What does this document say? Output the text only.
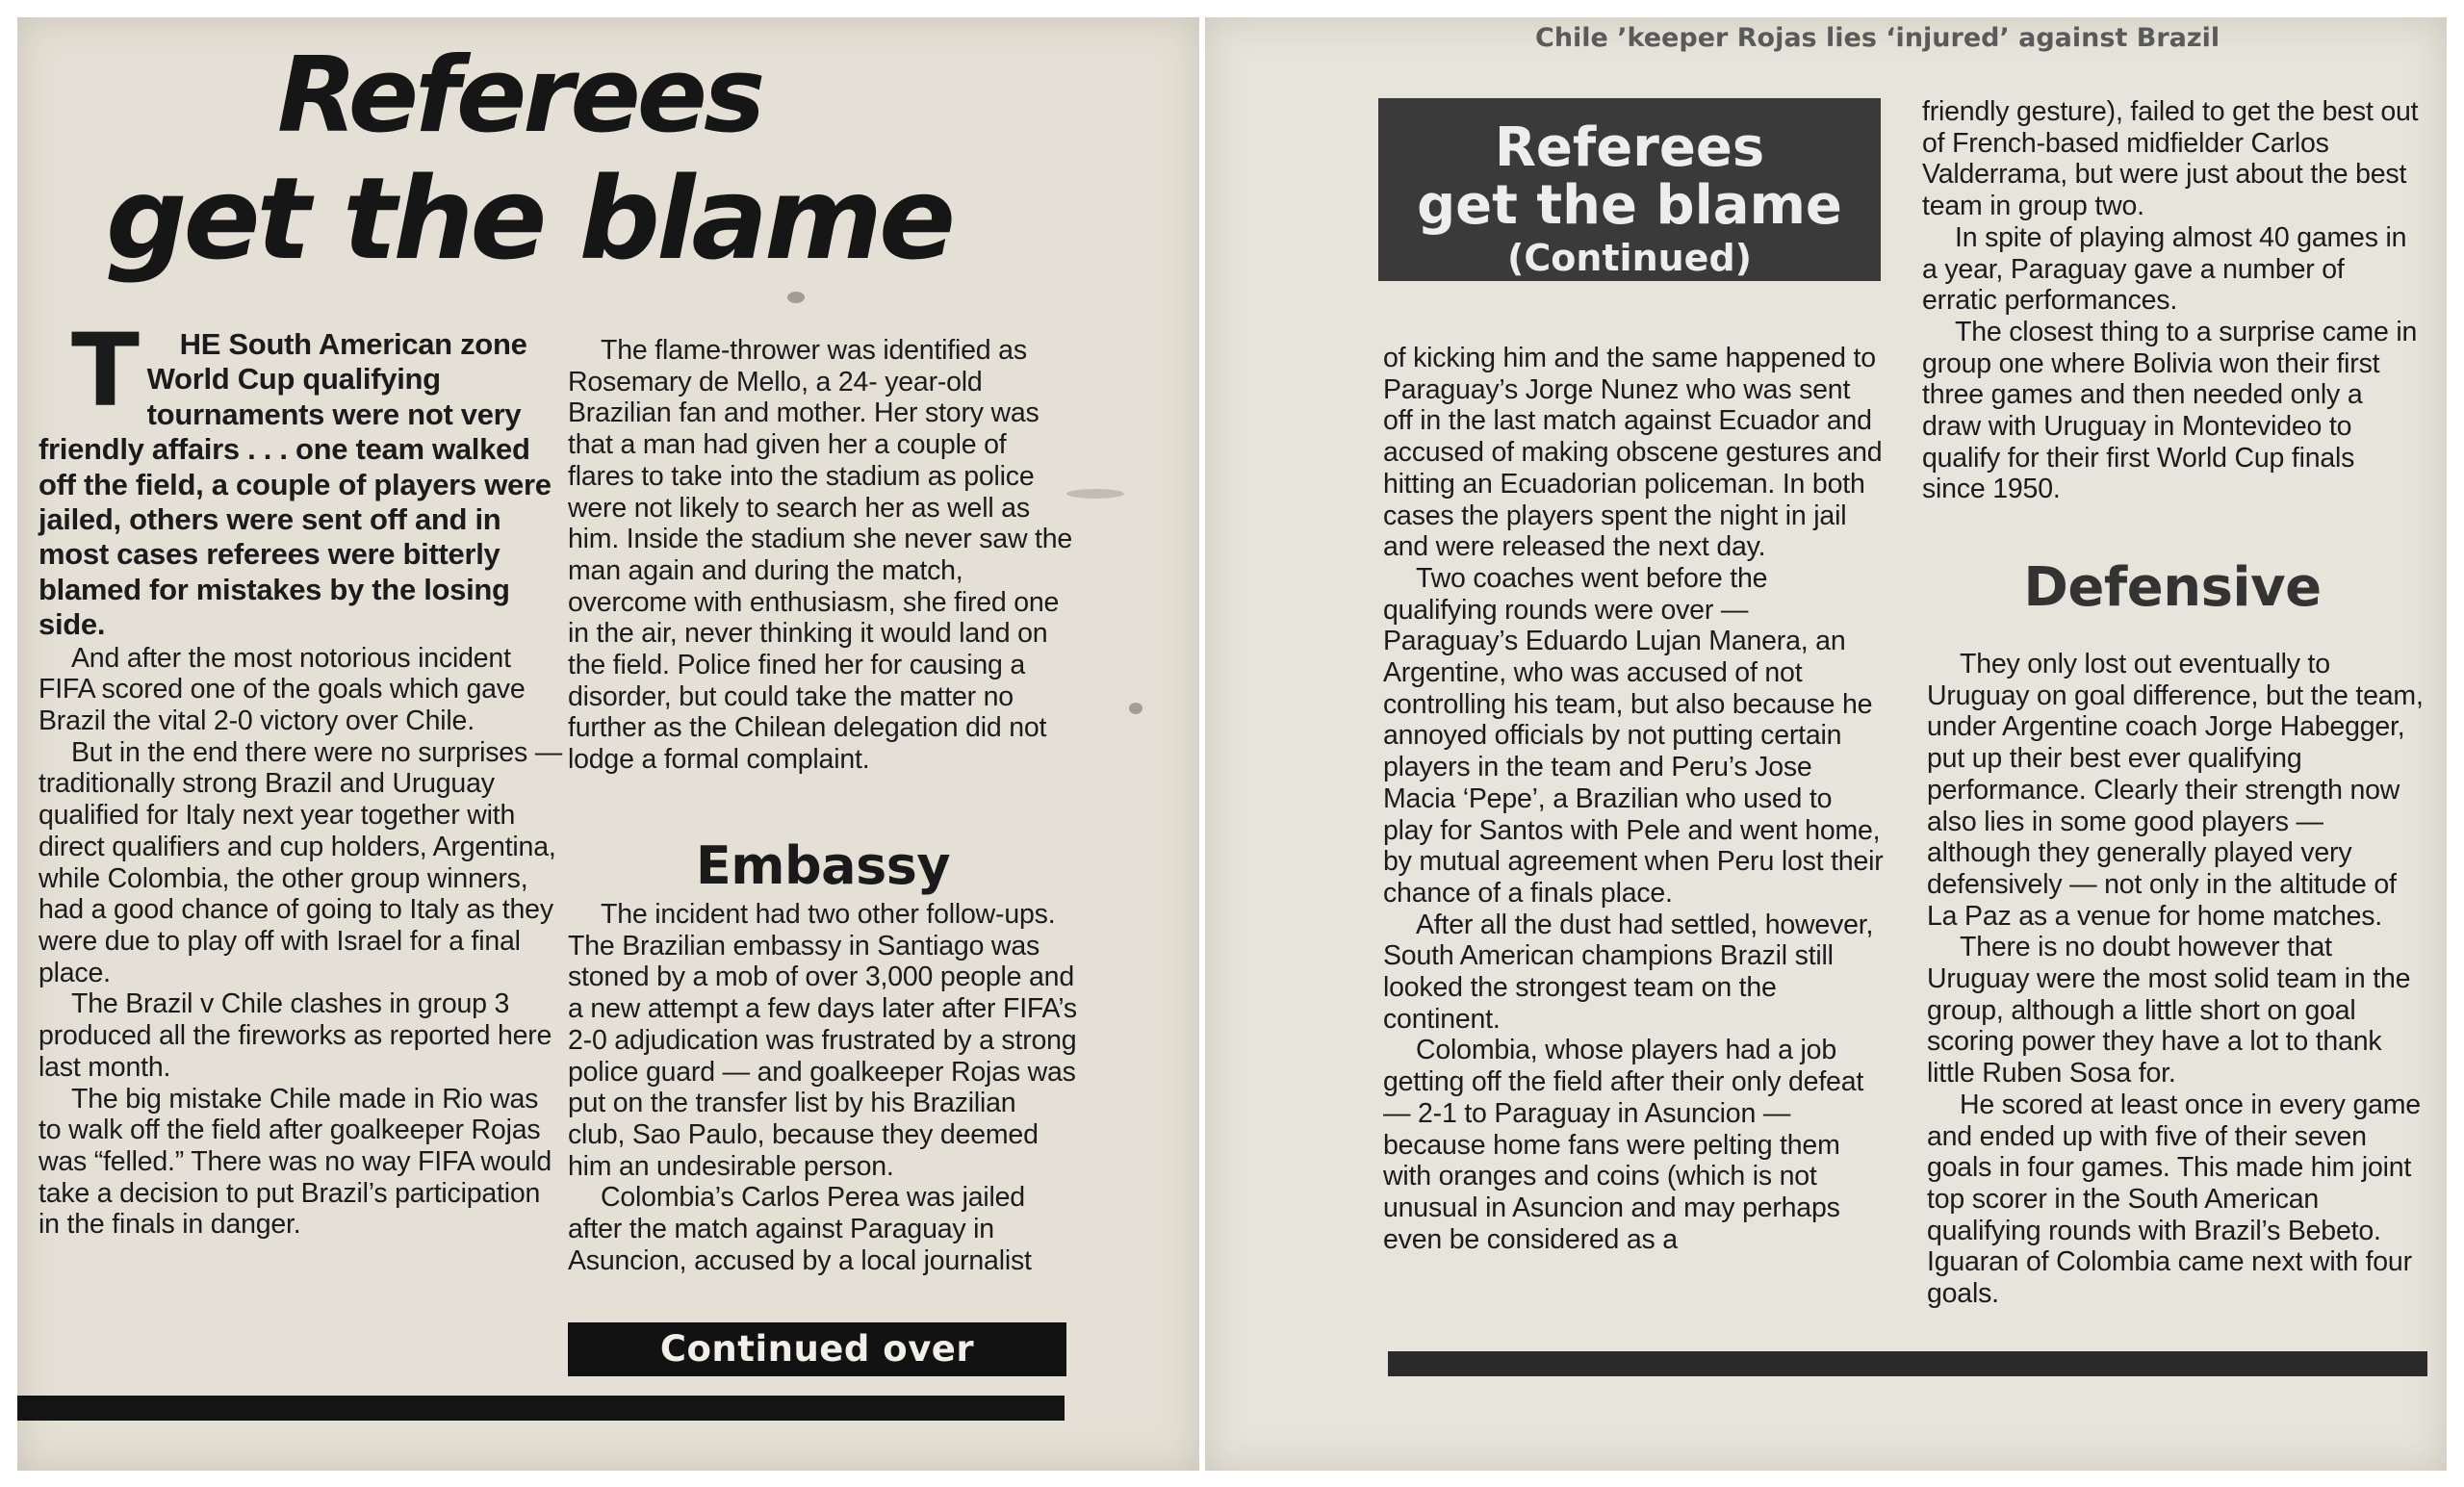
Referees
get the blame

T HE South American zone World Cup qualifying tournaments were not very friendly affairs . . . one team walked off the field, a couple of players were jailed, others were sent off and in most cases referees were bitterly blamed for mistakes by the losing side.

And after the most notorious incident FIFA scored one of the goals which gave Brazil the vital 2-0 victory over Chile.

But in the end there were no surprises — traditionally strong Brazil and Uruguay qualified for Italy next year together with direct qualifiers and cup holders, Argentina, while Colombia, the other group winners, had a good chance of going to Italy as they were due to play off with Israel for a final place.

The Brazil v Chile clashes in group 3 produced all the fireworks as reported here last month.

The big mistake Chile made in Rio was to walk off the field after goalkeeper Rojas was “felled.” There was no way FIFA would take a decision to put Brazil’s participation in the finals in danger.

The flame-thrower was identified as Rosemary de Mello, a 24- year-old Brazilian fan and mother. Her story was that a man had given her a couple of flares to take into the stadium as police were not likely to search her as well as him. Inside the stadium she never saw the man again and during the match, overcome with enthusiasm, she fired one in the air, never thinking it would land on the field. Police fined her for causing a disorder, but could take the matter no further as the Chilean delegation did not lodge a formal complaint.

Embassy

The incident had two other follow-ups. The Brazilian embassy in Santiago was stoned by a mob of over 3,000 people and a new attempt a few days later after FIFA’s 2-0 adjudication was frustrated by a strong police guard — and goalkeeper Rojas was put on the transfer list by his Brazilian club, Sao Paulo, because they deemed him an undesirable person.

Colombia’s Carlos Perea was jailed after the match against Paraguay in Asuncion, accused by a local journalist

Continued over

Chile ’keeper Rojas lies ‘injured’ against Brazil

Referees
get the blame
(Continued)

of kicking him and the same happened to Paraguay’s Jorge Nunez who was sent off in the last match against Ecuador and accused of making obscene gestures and hitting an Ecuadorian policeman. In both cases the players spent the night in jail and were released the next day.

Two coaches went before the qualifying rounds were over — Paraguay’s Eduardo Lujan Manera, an Argentine, who was accused of not controlling his team, but also because he annoyed officials by not putting certain players in the team and Peru’s Jose Macia ‘Pepe’, a Brazilian who used to play for Santos with Pele and went home, by mutual agreement when Peru lost their chance of a finals place.

After all the dust had settled, however, South American champions Brazil still looked the strongest team on the continent.

Colombia, whose players had a job getting off the field after their only defeat — 2-1 to Paraguay in Asuncion — because home fans were pelting them with oranges and coins (which is not unusual in Asuncion and may perhaps even be considered as a

friendly gesture), failed to get the best out of French-based midfielder Carlos Valderrama, but were just about the best team in group two.

In spite of playing almost 40 games in a year, Paraguay gave a number of erratic performances.

The closest thing to a surprise came in group one where Bolivia won their first three games and then needed only a draw with Uruguay in Montevideo to qualify for their first World Cup finals since 1950.

Defensive

They only lost out eventually to Uruguay on goal difference, but the team, under Argentine coach Jorge Habegger, put up their best ever qualifying performance. Clearly their strength now also lies in some good players — although they generally played very defensively — not only in the altitude of La Paz as a venue for home matches.

There is no doubt however that Uruguay were the most solid team in the group, although a little short on goal scoring power they have a lot to thank little Ruben Sosa for.

He scored at least once in every game and ended up with five of their seven goals in four games. This made him joint top scorer in the South American qualifying rounds with Brazil’s Bebeto. Iguaran of Colombia came next with four goals.
